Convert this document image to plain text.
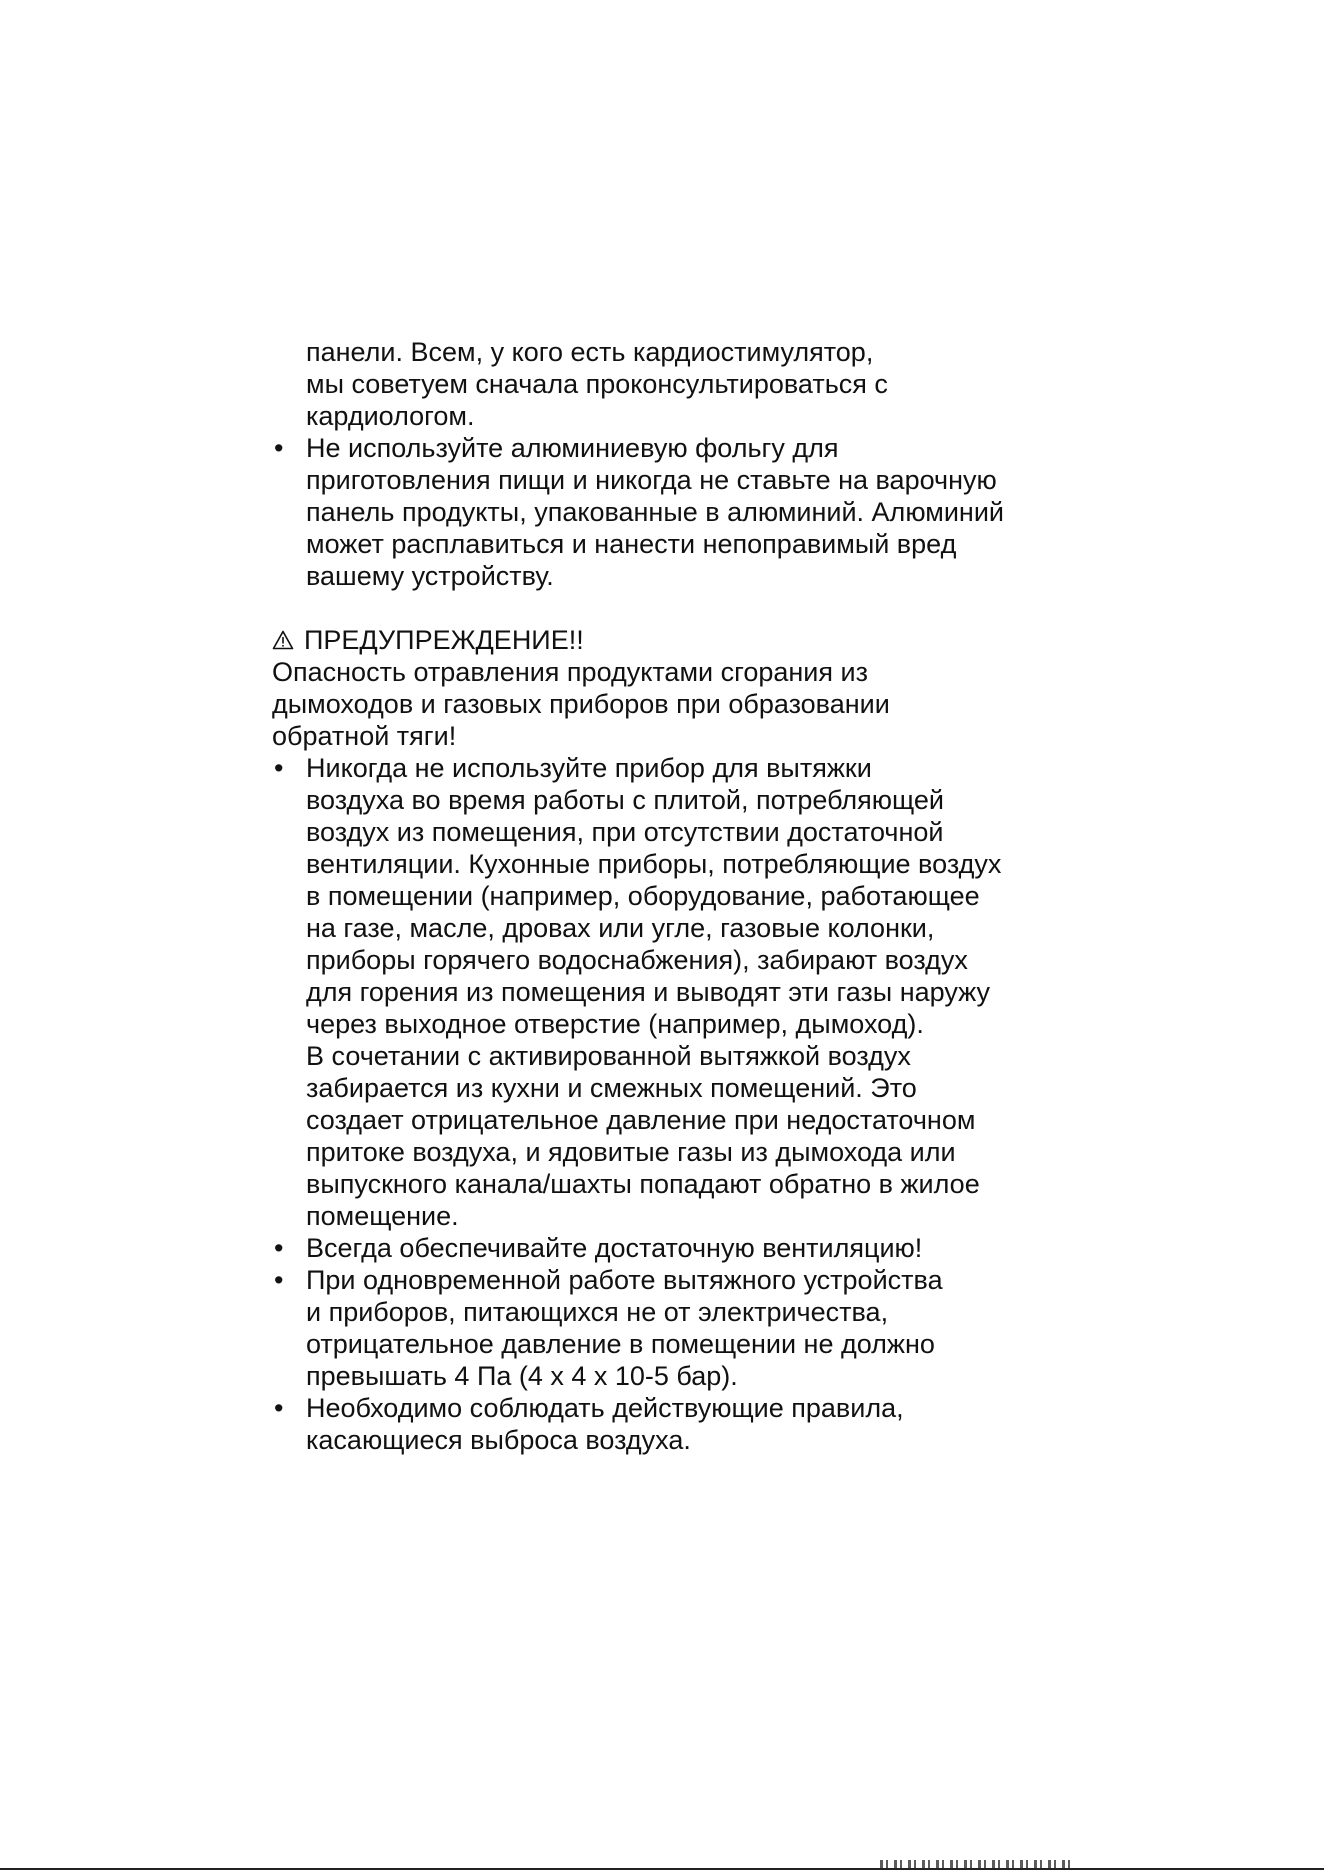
панели. Всем, у кого есть кардиостимулятор,
мы советуем сначала проконсультироваться с
кардиологом.
• Не используйте алюминиевую фольгу для
приготовления пищи и никогда не ставьте на варочную
панель продукты, упакованные в алюминий. Алюминий
может расплавиться и нанести непоправимый вред
вашему устройству.
ПРЕДУПРЕЖДЕНИЕ!!
Опасность отравления продуктами сгорания из
дымоходов и газовых приборов при образовании
обратной тяги!
• Никогда не используйте прибор для вытяжки
воздуха во время работы с плитой, потребляющей
воздух из помещения, при отсутствии достаточной
вентиляции. Кухонные приборы, потребляющие воздух
в помещении (например, оборудование, работающее
на газе, масле, дровах или угле, газовые колонки,
приборы горячего водоснабжения), забирают воздух
для горения из помещения и выводят эти газы наружу
через выходное отверстие (например, дымоход).
В сочетании с активированной вытяжкой воздух
забирается из кухни и смежных помещений. Это
создает отрицательное давление при недостаточном
притоке воздуха, и ядовитые газы из дымохода или
выпускного канала/шахты попадают обратно в жилое
помещение.
• Всегда обеспечивайте достаточную вентиляцию!
• При одновременной работе вытяжного устройства
и приборов, питающихся не от электричества,
отрицательное давление в помещении не должно
превышать 4 Па (4 х 4 х 10-5 бар).
• Необходимо соблюдать действующие правила,
касающиеся выброса воздуха.
